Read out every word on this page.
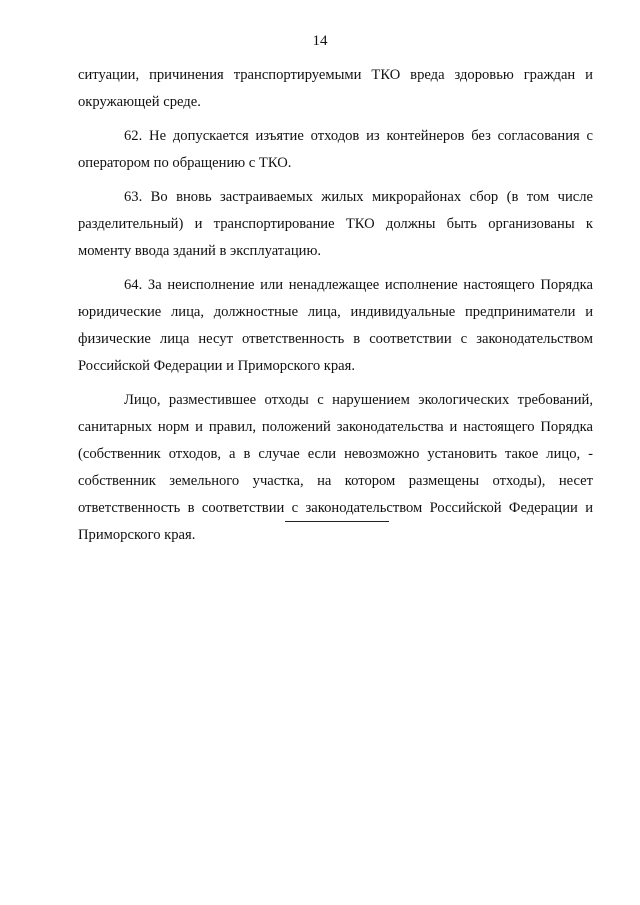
14

ситуации, причинения транспортируемыми ТКО вреда здоровью граждан и окружающей среде.

62. Не допускается изъятие отходов из контейнеров без согласования с оператором по обращению с ТКО.

63. Во вновь застраиваемых жилых микрорайонах сбор (в том числе разделительный) и транспортирование ТКО должны быть организованы к моменту ввода зданий в эксплуатацию.

64. За неисполнение или ненадлежащее исполнение настоящего Порядка юридические лица, должностные лица, индивидуальные предприниматели и физические лица несут ответственность в соответствии с законодательством Российской Федерации и Приморского края.

Лицо, разместившее отходы с нарушением экологических требований, санитарных норм и правил, положений законодательства и настоящего Порядка (собственник отходов, а в случае если невозможно установить такое лицо, - собственник земельного участка, на котором размещены отходы), несет ответственность в соответствии с законодательством Российской Федерации и Приморского края.
